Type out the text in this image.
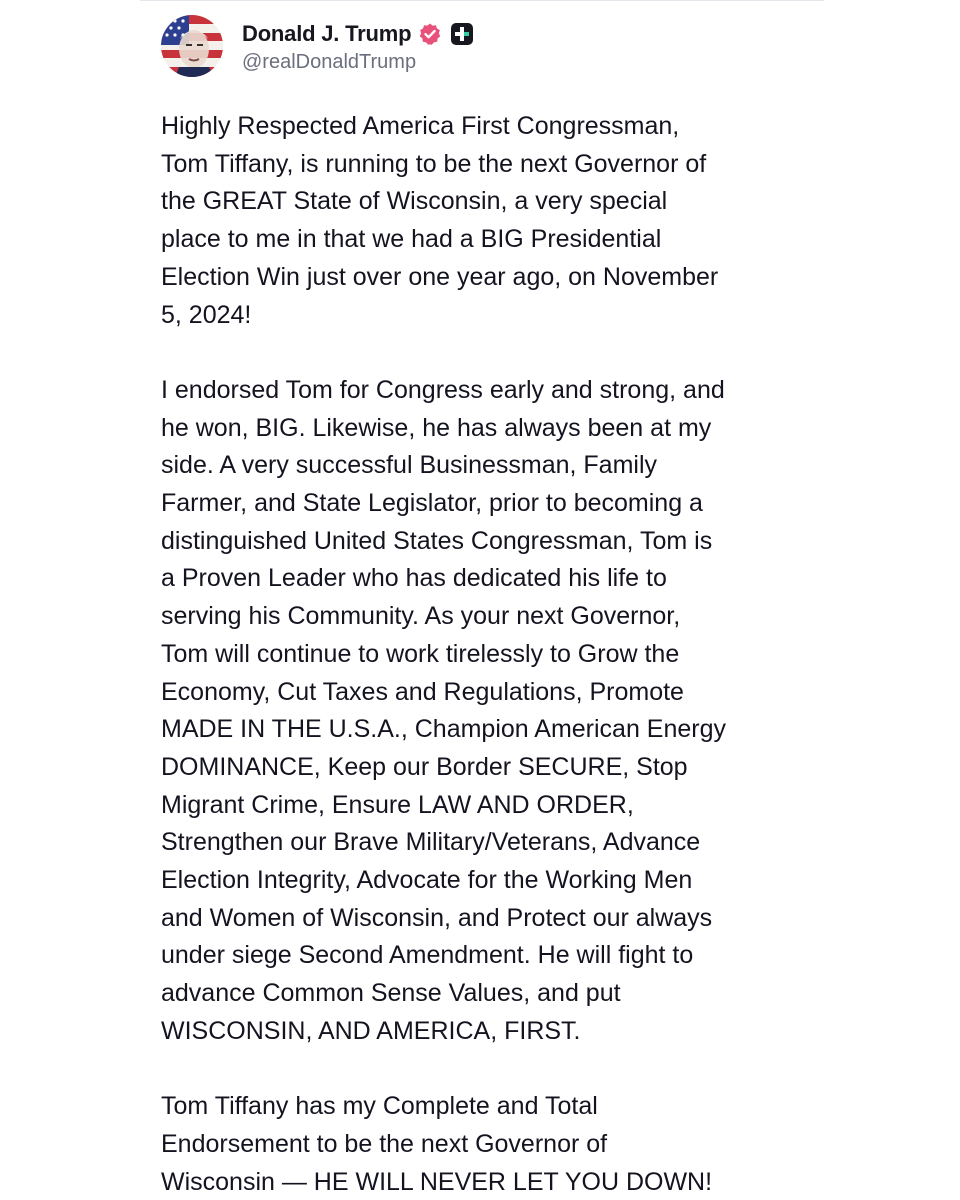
Donald J. Trump
@realDonaldTrump

Highly Respected America First Congressman,
Tom Tiffany, is running to be the next Governor of
the GREAT State of Wisconsin, a very special
place to me in that we had a BIG Presidential
Election Win just over one year ago, on November
5, 2024!

I endorsed Tom for Congress early and strong, and
he won, BIG. Likewise, he has always been at my
side. A very successful Businessman, Family
Farmer, and State Legislator, prior to becoming a
distinguished United States Congressman, Tom is
a Proven Leader who has dedicated his life to
serving his Community. As your next Governor,
Tom will continue to work tirelessly to Grow the
Economy, Cut Taxes and Regulations, Promote
MADE IN THE U.S.A., Champion American Energy
DOMINANCE, Keep our Border SECURE, Stop
Migrant Crime, Ensure LAW AND ORDER,
Strengthen our Brave Military/Veterans, Advance
Election Integrity, Advocate for the Working Men
and Women of Wisconsin, and Protect our always
under siege Second Amendment. He will fight to
advance Common Sense Values, and put
WISCONSIN, AND AMERICA, FIRST.

Tom Tiffany has my Complete and Total
Endorsement to be the next Governor of
Wisconsin — HE WILL NEVER LET YOU DOWN!
